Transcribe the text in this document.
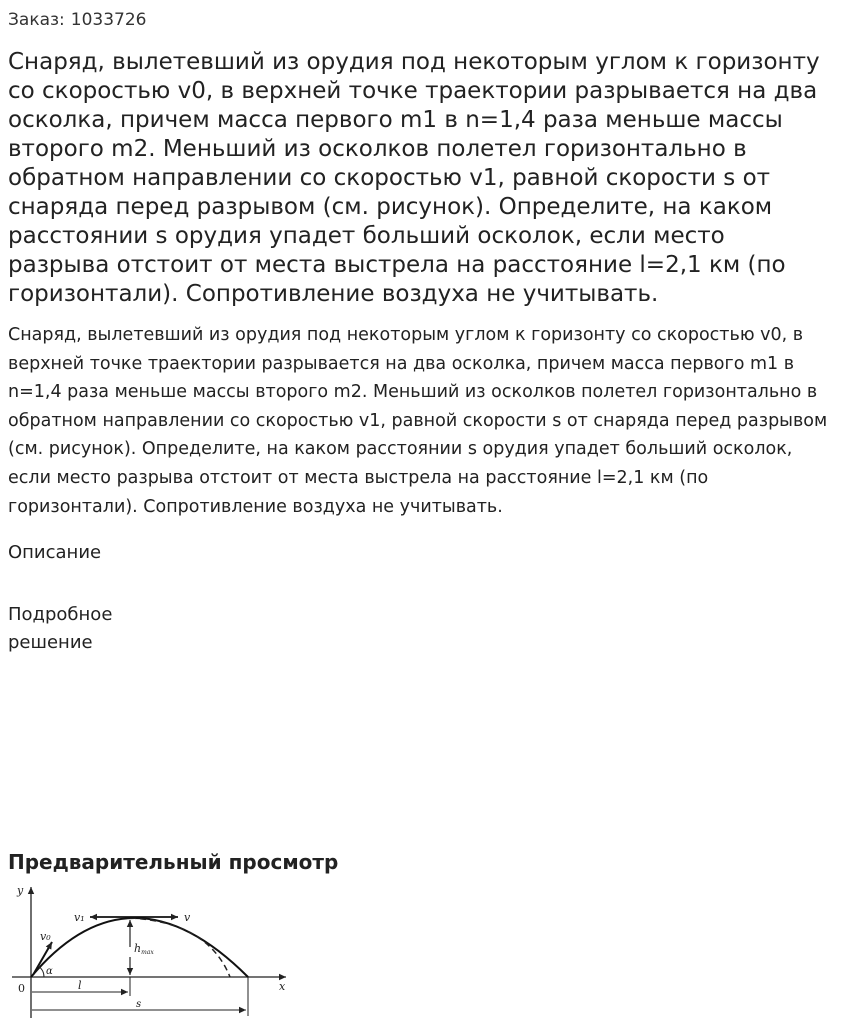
Заказ: 1033726

Снаряд, вылетевший из орудия под некоторым углом к горизонту со скоростью v0, в верхней точке траектории разрывается на два осколка, причем масса первого m1 в n=1,4 раза меньше массы второго m2. Меньший из осколков полетел горизонтально в обратном направлении со скоростью v1, равной скорости s от снаряда перед разрывом (см. рисунок). Определите, на каком расстоянии s орудия упадет больший осколок, если место разрыва отстоит от места выстрела на расстояние l=2,1 км (по горизонтали). Сопротивление воздуха не учитывать.

Снаряд, вылетевший из орудия под некоторым углом к горизонту со скоростью v0, в верхней точке траектории разрывается на два осколка, причем масса первого m1 в n=1,4 раза меньше массы второго m2. Меньший из осколков полетел горизонтально в обратном направлении со скоростью v1, равной скорости s от снаряда перед разрывом (см. рисунок). Определите, на каком расстоянии s орудия упадет больший осколок, если место разрыва отстоит от места выстрела на расстояние l=2,1 км (по горизонтали). Сопротивление воздуха не учитывать.

Описание

Подробное решение

Предварительный просмотр
y
x
0
v₀
α
v₁	v
hmax
l
s
